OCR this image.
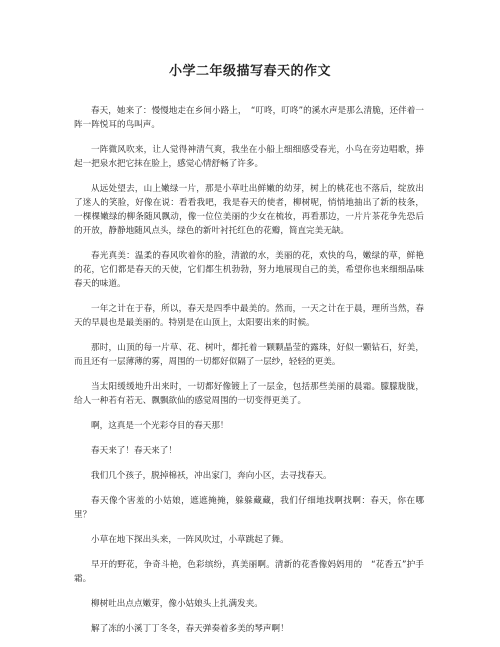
小学二年级描写春天的作文

春天，她来了：慢慢地走在乡间小路上，　“叮咚，叮咚”的溪水声是那么清脆，还伴着一阵一阵悦耳的鸟叫声。

一阵微风吹来，让人觉得神清气爽，我坐在小船上细细感受春光，小鸟在旁边唱歌，捧起一把泉水把它抹在脸上，感觉心情舒畅了许多。

从远处望去，山上嫩绿一片，那是小草吐出鲜嫩的幼芽，树上的桃花也不落后，绽放出了迷人的笑脸，好像在说：看看我吧，我是春天的使者，柳树呢，悄悄地抽出了新的枝条，一棵棵嫩绿的柳条随风飘动，像一位位美丽的少女在梳妆，再看那边，一片片茶花争先恐后的开放，静静地随风点头，绿色的新叶衬托红色的花瓣，简直完美无缺。

春光真美：温柔的春风吹着你的脸，清澈的水，美丽的花，欢快的鸟，嫩绿的草，鲜艳的花，它们都是春天的天使，它们都生机勃勃，努力地展现自己的美，希望你也来细细品味春天的味道。

一年之计在于春，所以，春天是四季中最美的。然而，一天之计在于晨，理所当然，春天的早晨也是最美丽的。特别是在山顶上，太阳要出来的时候。

那时，山顶的每一片草、花、树叶，都托着一颗颗晶莹的露珠，好似一颗钻石，好美，而且还有一层薄薄的雾，周围的一切都好似隔了一层纱，轻轻的更美。

当太阳缓缓地升出来时，一切都好像镀上了一层金，包括那些美丽的晨霜。朦朦胧胧，给人一种若有若无、飘飘欲仙的感觉周围的一切变得更美了。

啊，这真是一个光彩夺目的春天那！

春天来了！春天来了！

我们几个孩子，脱掉棉袄，冲出家门，奔向小区，去寻找春天。

春天像个害羞的小姑娘，遮遮掩掩，躲躲藏藏，我们仔细地找啊找啊：春天，你在哪里？

小草在地下探出头来，一阵风吹过，小草跳起了舞。

早开的野花，争奇斗艳，色彩缤纷，真美丽啊。清新的花香像妈妈用的　“花香五”护手霜。

柳树吐出点点嫩芽，像小姑娘头上扎满发夹。

解了冻的小溪丁丁冬冬，春天弹奏着多美的琴声啊！
